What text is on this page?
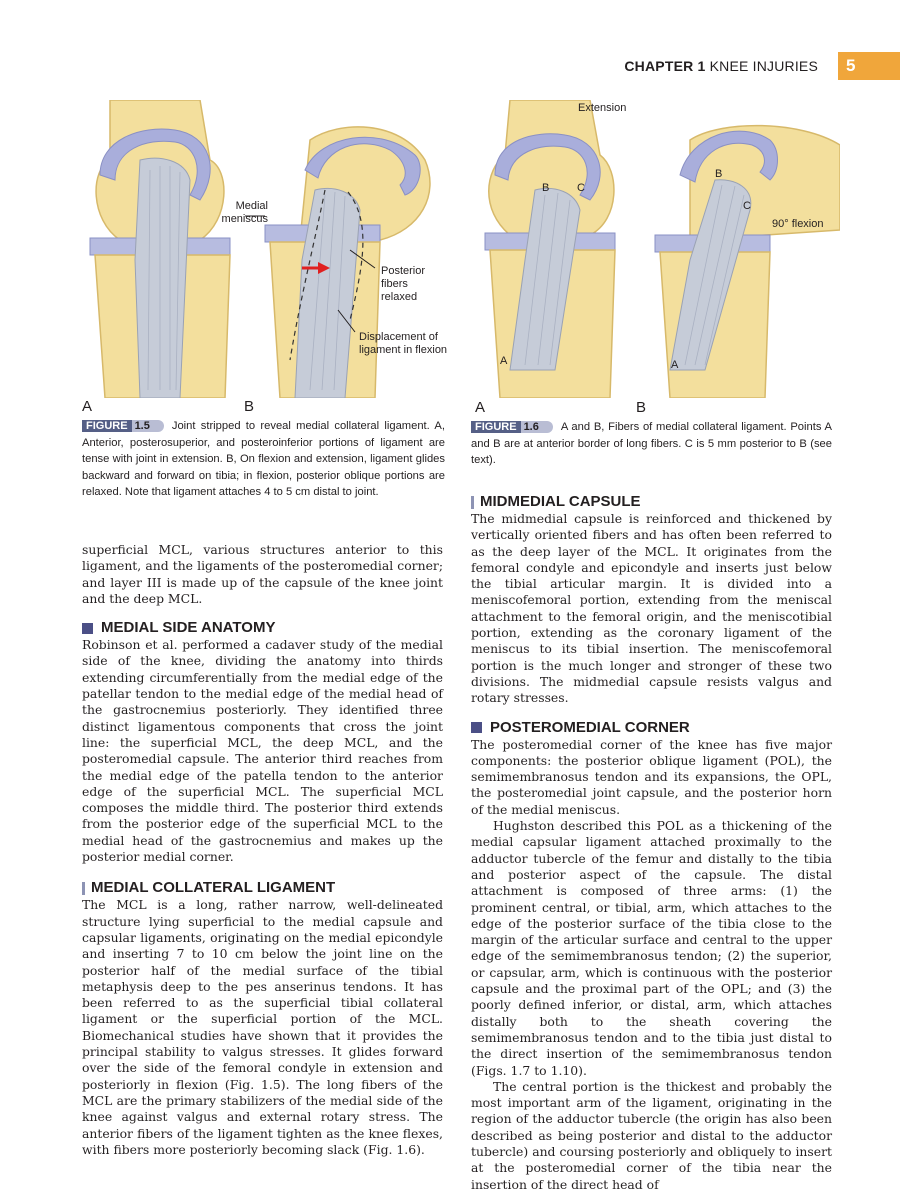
CHAPTER 1 KNEE INJURIES	5
Medial meniscus
Posterior fibers relaxed
Displacement of ligament in flexion
A	B
FIGURE 1.5 Joint stripped to reveal medial collateral ligament. A, Anterior, posterosuperior, and posteroinferior portions of ligament are tense with joint in extension. B, On flexion and extension, ligament glides backward and forward on tibia; in flexion, posterior oblique portions are relaxed. Note that ligament attaches 4 to 5 cm distal to joint.
Extension
B	C
A
B
C
90° flexion
A
A	B
FIGURE 1.6 A and B, Fibers of medial collateral ligament. Points A and B are at anterior border of long fibers. C is 5 mm posterior to B (see text).

superficial MCL, various structures anterior to this ligament, and the ligaments of the posteromedial corner; and layer III is made up of the capsule of the knee joint and the deep MCL.

MEDIAL SIDE ANATOMY

Robinson et al. performed a cadaver study of the medial side of the knee, dividing the anatomy into thirds extending circumferentially from the medial edge of the patellar tendon to the medial edge of the medial head of the gastrocnemius posteriorly. They identified three distinct ligamentous components that cross the joint line: the superficial MCL, the deep MCL, and the posteromedial capsule. The anterior third reaches from the medial edge of the patella tendon to the anterior edge of the superficial MCL. The superficial MCL composes the middle third. The posterior third extends from the posterior edge of the superficial MCL to the medial head of the gastrocnemius and makes up the posterior medial corner.

MEDIAL COLLATERAL LIGAMENT

The MCL is a long, rather narrow, well-delineated structure lying superficial to the medial capsule and capsular ligaments, originating on the medial epicondyle and inserting 7 to 10 cm below the joint line on the posterior half of the medial surface of the tibial metaphysis deep to the pes anserinus tendons. It has been referred to as the superficial tibial collateral ligament or the superficial portion of the MCL. Biomechanical studies have shown that it provides the principal stability to valgus stresses. It glides forward over the side of the femoral condyle in extension and posteriorly in flexion (Fig. 1.5). The long fibers of the MCL are the primary stabilizers of the medial side of the knee against valgus and external rotary stress. The anterior fibers of the ligament tighten as the knee flexes, with fibers more posteriorly becoming slack (Fig. 1.6).

MIDMEDIAL CAPSULE

The midmedial capsule is reinforced and thickened by vertically oriented fibers and has often been referred to as the deep layer of the MCL. It originates from the femoral condyle and epicondyle and inserts just below the tibial articular margin. It is divided into a meniscofemoral portion, extending from the meniscal attachment to the femoral origin, and the meniscotibial portion, extending as the coronary ligament of the meniscus to its tibial insertion. The meniscofemoral portion is the much longer and stronger of these two divisions. The midmedial capsule resists valgus and rotary stresses.

POSTEROMEDIAL CORNER

The posteromedial corner of the knee has five major components: the posterior oblique ligament (POL), the semimembranosus tendon and its expansions, the OPL, the posteromedial joint capsule, and the posterior horn of the medial meniscus.

Hughston described this POL as a thickening of the medial capsular ligament attached proximally to the adductor tubercle of the femur and distally to the tibia and posterior aspect of the capsule. The distal attachment is composed of three arms: (1) the prominent central, or tibial, arm, which attaches to the edge of the posterior surface of the tibia close to the margin of the articular surface and central to the upper edge of the semimembranosus tendon; (2) the superior, or capsular, arm, which is continuous with the posterior capsule and the proximal part of the OPL; and (3) the poorly defined inferior, or distal, arm, which attaches distally both to the sheath covering the semimembranosus tendon and to the tibia just distal to the direct insertion of the semimembranosus tendon (Figs. 1.7 to 1.10).

The central portion is the thickest and probably the most important arm of the ligament, originating in the region of the adductor tubercle (the origin has also been described as being posterior and distal to the adductor tubercle) and coursing posteriorly and obliquely to insert at the posteromedial corner of the tibia near the insertion of the direct head of
